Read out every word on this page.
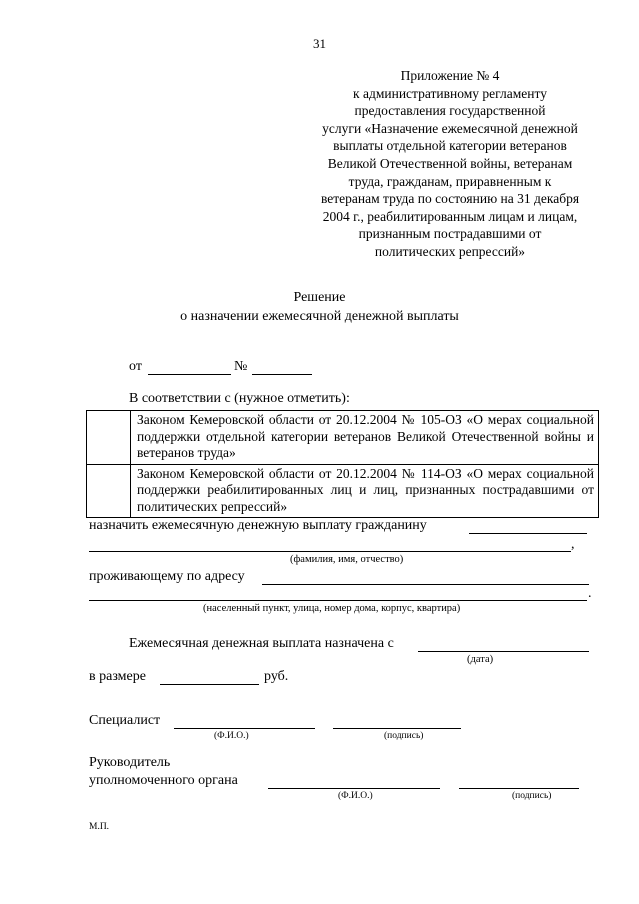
31
Приложение № 4
к административному регламенту
предоставления государственной
услуги «Назначение ежемесячной денежной
выплаты отдельной категории ветеранов
Великой Отечественной войны, ветеранам
труда, гражданам, приравненным к
ветеранам труда по состоянию на 31 декабря
2004 г., реабилитированным лицам и лицам,
признанным пострадавшими от
политических репрессий»
Решение
о назначении ежемесячной денежной выплаты
от	№
В соответствии с (нужное отметить):
	Законом Кемеровской области от 20.12.2004 № 105-ОЗ «О мерах социальной поддержки отдельной категории ветеранов Великой Отечественной войны и ветеранов труда»
	Законом Кемеровской области от 20.12.2004 № 114-ОЗ «О мерах социальной поддержки реабилитированных лиц и лиц, признанных пострадавшими от политических репрессий»
назначить ежемесячную денежную выплату гражданину
,
(фамилия, имя, отчество)
проживающему по адресу
.
(населенный пункт, улица, номер дома, корпус, квартира)
Ежемесячная денежная выплата назначена с
(дата)
в размере	руб.
Специалист
(Ф.И.О.)	(подпись)
Руководитель
уполномоченного органа
(Ф.И.О.)	(подпись)
М.П.
